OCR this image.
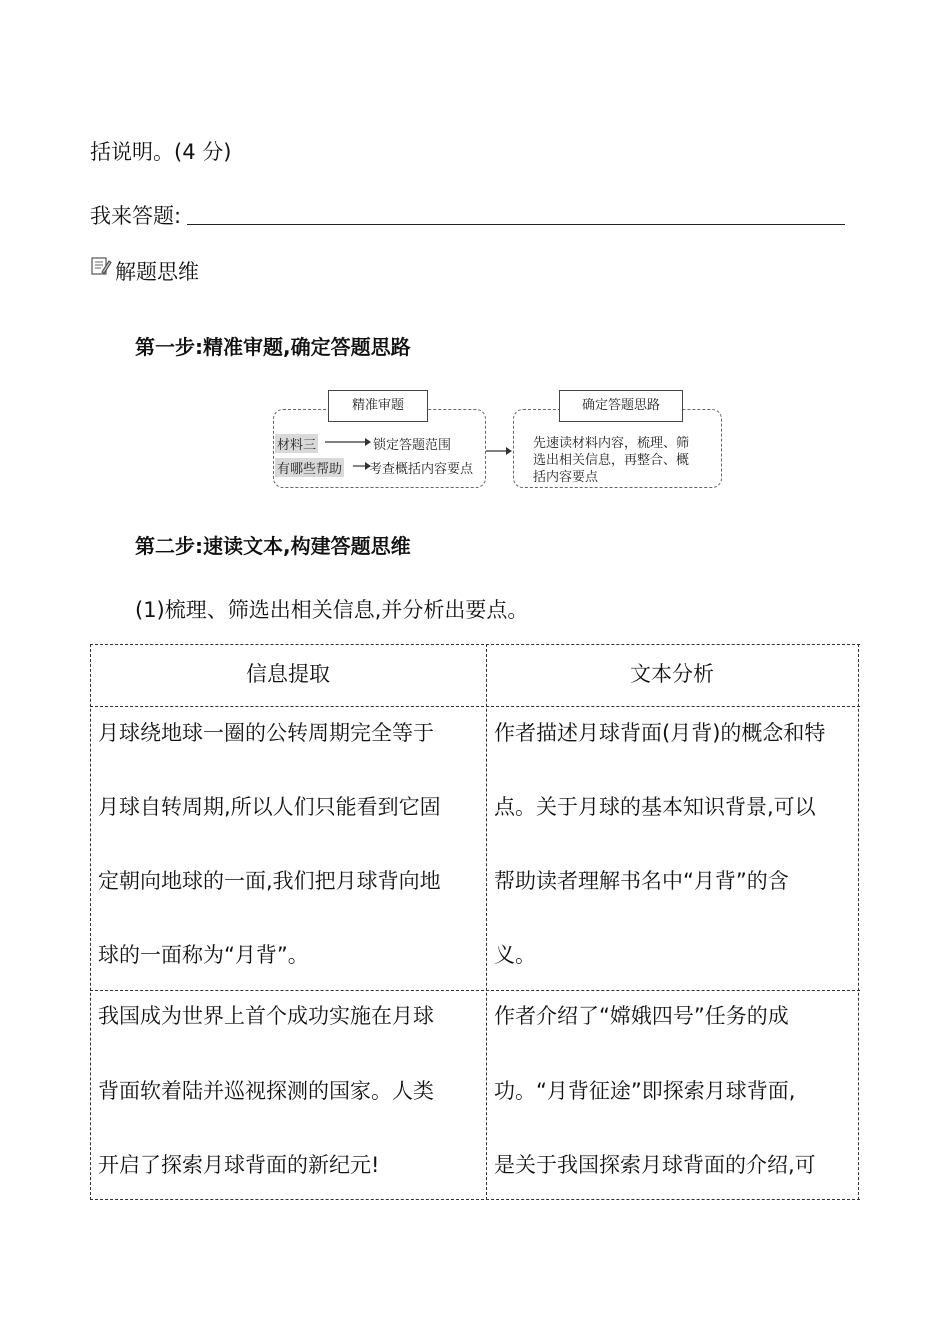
括说明。(4 分)
我来答题:
解题思维
第一步:精准审题,确定答题思路
精准审题
材料三	锁定答题范围
有哪些帮助 考查概括内容要点
确定答题思路
先速读材料内容，梳理、筛
选出相关信息，再整合、概
括内容要点
第二步:速读文本,构建答题思维
(1)梳理、筛选出相关信息,并分析出要点。
信息提取	文本分析
月球绕地球一圈的公转周期完全等于
月球自转周期,所以人们只能看到它固
定朝向地球的一面,我们把月球背向地
球的一面称为“月背”。
作者描述月球背面(月背)的概念和特
点。关于月球的基本知识背景,可以
帮助读者理解书名中“月背”的含
义。
我国成为世界上首个成功实施在月球
背面软着陆并巡视探测的国家。人类
开启了探索月球背面的新纪元!
作者介绍了“嫦娥四号”任务的成
功。“月背征途”即探索月球背面,
是关于我国探索月球背面的介绍,可
